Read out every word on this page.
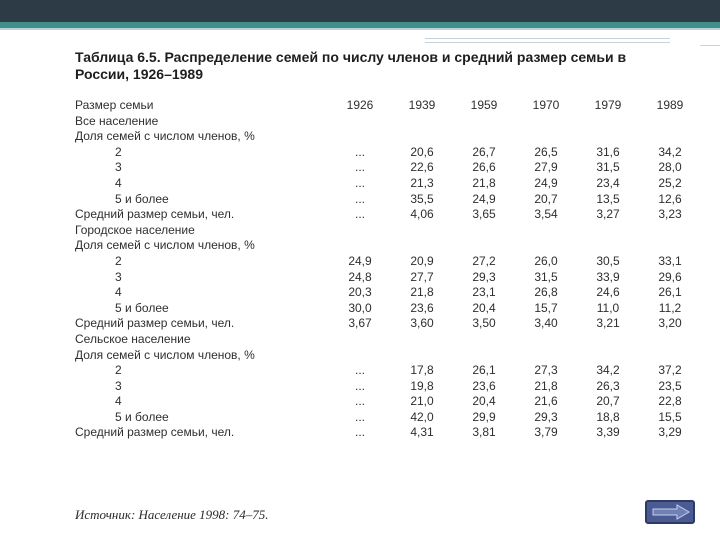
Таблица 6.5. Распределение семей по числу членов и средний размер семьи в России, 1926–1989
Размер семьи	1926	1939	1959	1970	1979	1989
Все население						
Доля семей с числом членов, %						
2	...	20,6	26,7	26,5	31,6	34,2
3	...	22,6	26,6	27,9	31,5	28,0
4	...	21,3	21,8	24,9	23,4	25,2
5 и более	...	35,5	24,9	20,7	13,5	12,6
Средний размер семьи, чел.	...	4,06	3,65	3,54	3,27	3,23
Городское население						
Доля семей с числом членов, %						
2	24,9	20,9	27,2	26,0	30,5	33,1
3	24,8	27,7	29,3	31,5	33,9	29,6
4	20,3	21,8	23,1	26,8	24,6	26,1
5 и более	30,0	23,6	20,4	15,7	11,0	11,2
Средний размер семьи, чел.	3,67	3,60	3,50	3,40	3,21	3,20
Сельское население						
Доля семей с числом членов, %						
2	...	17,8	26,1	27,3	34,2	37,2
3	...	19,8	23,6	21,8	26,3	23,5
4	...	21,0	20,4	21,6	20,7	22,8
5 и более	...	42,0	29,9	29,3	18,8	15,5
Средний размер семьи, чел.	...	4,31	3,81	3,79	3,39	3,29
Источник: Население 1998: 74–75.
